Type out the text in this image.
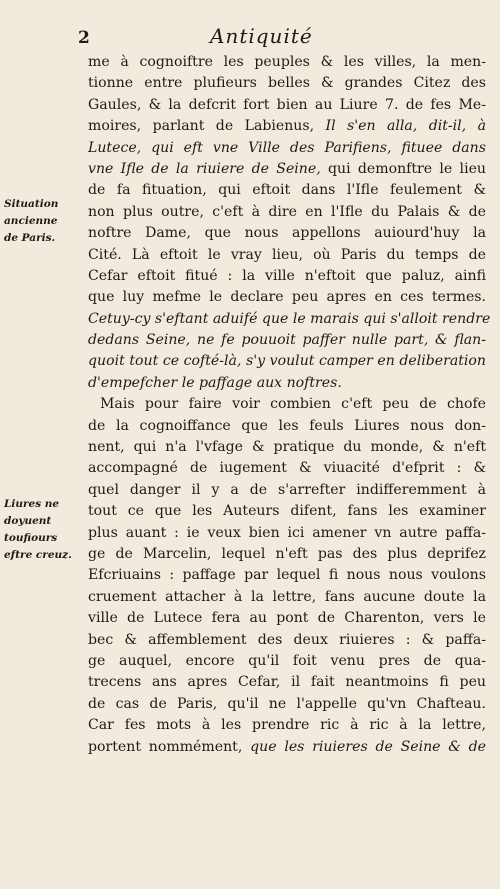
2	Antiquité
Situation
ancienne
de Paris.
Liures ne
doyuent
toufiours
eftre creuz.
me à cognoiftre les peuples & les villes, la men-
tionne entre plufieurs belles & grandes Citez des
Gaules, & la defcrit fort bien au Liure 7. de fes Me-
moires, parlant de Labienus, Il s'en alla, dit-il, à
Lutece, qui eft vne Ville des Parifiens, fituee dans
vne Ifle de la riuiere de Seine, qui demonftre le lieu
de fa fituation, qui eftoit dans l'Ifle feulement &
non plus outre, c'eft à dire en l'Ifle du Palais & de
noftre Dame, que nous appellons auiourd'huy la
Cité. Là eftoit le vray lieu, où Paris du temps de
Cefar eftoit fitué : la ville n'eftoit que paluz, ainfi
que luy mefme le declare peu apres en ces termes.
Cetuy-cy s'eftant aduifé que le marais qui s'alloit rendre
dedans Seine, ne fe pouuoit paffer nulle part, & flan-
quoit tout ce cofté-là, s'y voulut camper en deliberation
d'empefcher le paffage aux noftres.
Mais pour faire voir combien c'eft peu de chofe
de la cognoiffance que les feuls Liures nous don-
nent, qui n'a l'vfage & pratique du monde, & n'eft
accompagné de iugement & viuacité d'efprit : &
quel danger il y a de s'arrefter indifferemment à
tout ce que les Auteurs difent, fans les examiner
plus auant : ie veux bien ici amener vn autre paffa-
ge de Marcelin, lequel n'eft pas des plus deprifez
Efcriuains : paffage par lequel fi nous nous voulons
cruement attacher à la lettre, fans aucune doute la
ville de Lutece fera au pont de Charenton, vers le
bec & affemblement des deux riuieres : & paffa-
ge auquel, encore qu'il foit venu pres de qua-
trecens ans apres Cefar, il fait neantmoins fi peu
de cas de Paris, qu'il ne l'appelle qu'vn Chafteau.
Car fes mots à les prendre ric à ric à la lettre,
portent nommément, que les riuieres de Seine & de
